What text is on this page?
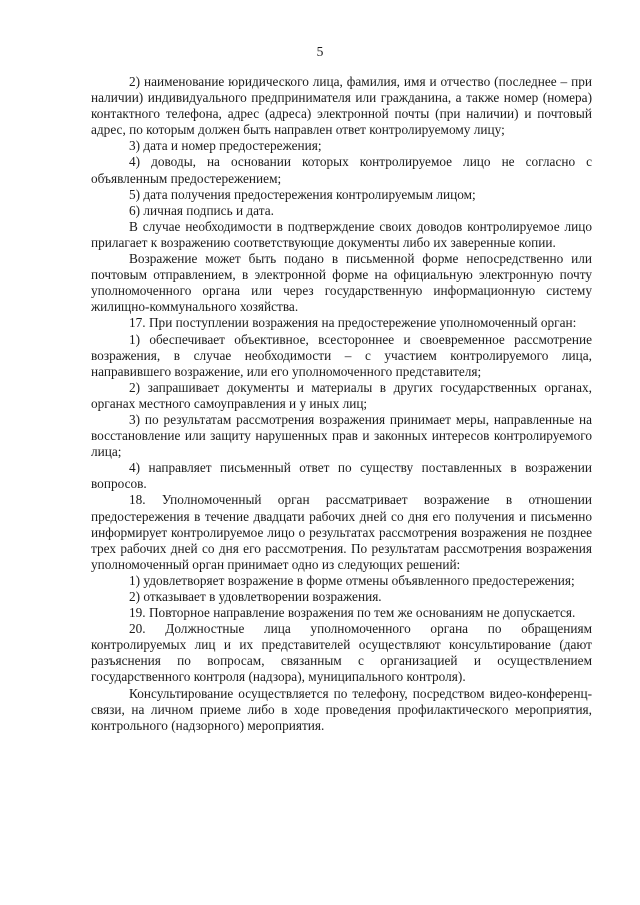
5

2) наименование юридического лица, фамилия, имя и отчество (последнее – при наличии) индивидуального предпринимателя или гражданина, а также номер (номера) контактного телефона, адрес (адреса) электронной почты (при наличии) и почтовый адрес, по которым должен быть направлен ответ контролируемому лицу;

3) дата и номер предостережения;

4) доводы, на основании которых контролируемое лицо не согласно с объявленным предостережением;

5) дата получения предостережения контролируемым лицом;

6) личная подпись и дата.

В случае необходимости в подтверждение своих доводов контролируемое лицо прилагает к возражению соответствующие документы либо их заверенные копии.

Возражение может быть подано в письменной форме непосредственно или почтовым отправлением, в электронной форме на официальную электронную почту уполномоченного органа или через государственную информационную систему жилищно-коммунального хозяйства.

17. При поступлении возражения на предостережение уполномоченный орган:

1) обеспечивает объективное, всестороннее и своевременное рассмотрение возражения, в случае необходимости – с участием контролируемого лица, направившего возражение, или его уполномоченного представителя;

2) запрашивает документы и материалы в других государственных органах, органах местного самоуправления и у иных лиц;

3) по результатам рассмотрения возражения принимает меры, направленные на восстановление или защиту нарушенных прав и законных интересов контролируемого лица;

4) направляет письменный ответ по существу поставленных в возражении вопросов.

18. Уполномоченный орган рассматривает возражение в отношении предостережения в течение двадцати рабочих дней со дня его получения и письменно информирует контролируемое лицо о результатах рассмотрения возражения не позднее трех рабочих дней со дня его рассмотрения. По результатам рассмотрения возражения уполномоченный орган принимает одно из следующих решений:

1) удовлетворяет возражение в форме отмены объявленного предостережения;

2) отказывает в удовлетворении возражения.

19. Повторное направление возражения по тем же основаниям не допускается.

20. Должностные лица уполномоченного органа по обращениям контролируемых лиц и их представителей осуществляют консультирование (дают разъяснения по вопросам, связанным с организацией и осуществлением государственного контроля (надзора), муниципального контроля).

Консультирование осуществляется по телефону, посредством видео-конференц-связи, на личном приеме либо в ходе проведения профилактического мероприятия, контрольного (надзорного) мероприятия.
